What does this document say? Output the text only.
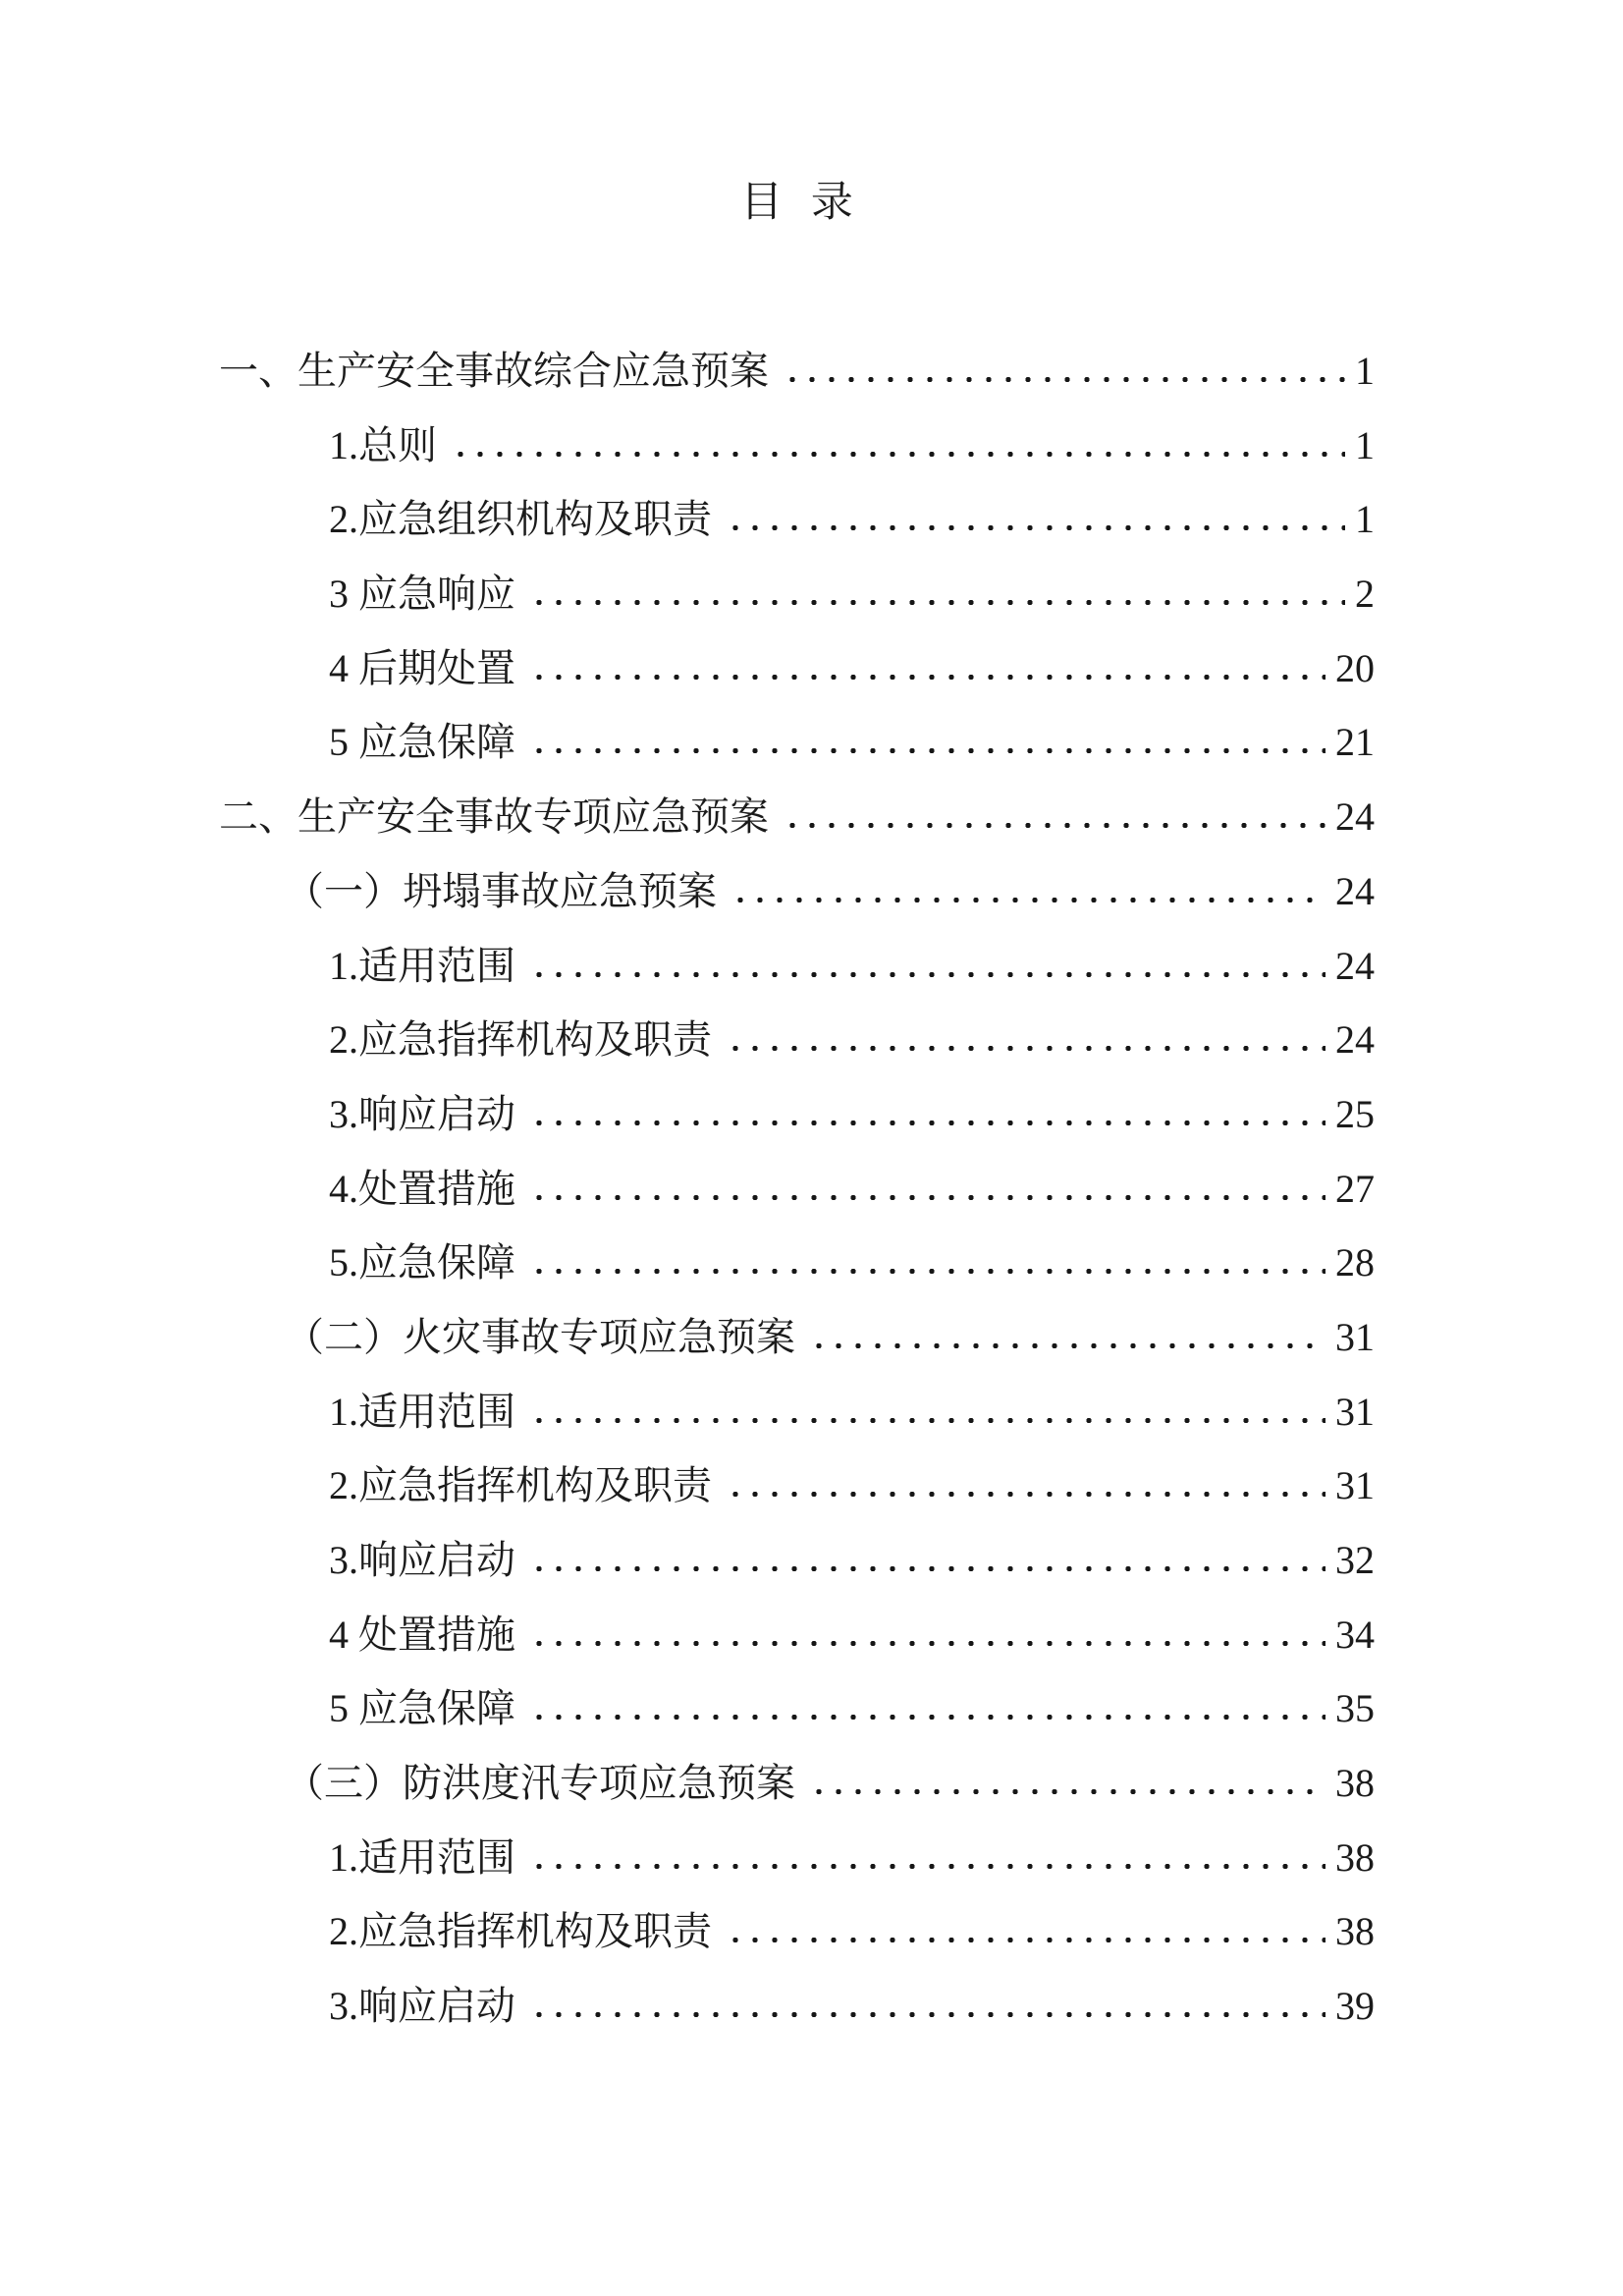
目 录
一、生产安全事故综合应急预案	1
1.总则	1
2.应急组织机构及职责	1
3 应急响应	2
4 后期处置	20
5 应急保障	21
二、生产安全事故专项应急预案	24
（一）坍塌事故应急预案	24
1.适用范围	24
2.应急指挥机构及职责	24
3.响应启动	25
4.处置措施	27
5.应急保障	28
（二）火灾事故专项应急预案	31
1.适用范围	31
2.应急指挥机构及职责	31
3.响应启动	32
4 处置措施	34
5 应急保障	35
（三）防洪度汛专项应急预案	38
1.适用范围	38
2.应急指挥机构及职责	38
3.响应启动	39
